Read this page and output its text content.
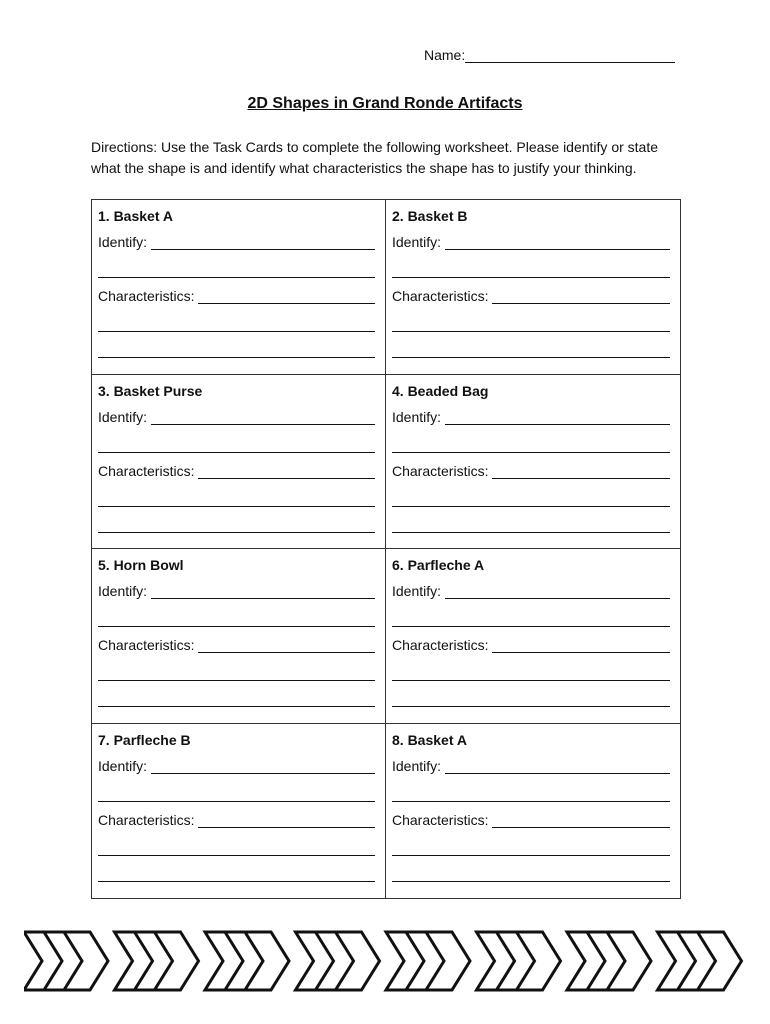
Name:
2D Shapes in Grand Ronde Artifacts
Directions: Use the Task Cards to complete the following worksheet. Please identify or state what the shape is and identify what characteristics the shape has to justify your thinking.
1. Basket A
Identify:
Characteristics:
2. Basket B
Identify:
Characteristics:
3. Basket Purse
Identify:
Characteristics:
4. Beaded Bag
Identify:
Characteristics:
5. Horn Bowl
Identify:
Characteristics:
6. Parfleche A
Identify:
Characteristics:
7. Parfleche B
Identify:
Characteristics:
8. Basket A
Identify:
Characteristics:
